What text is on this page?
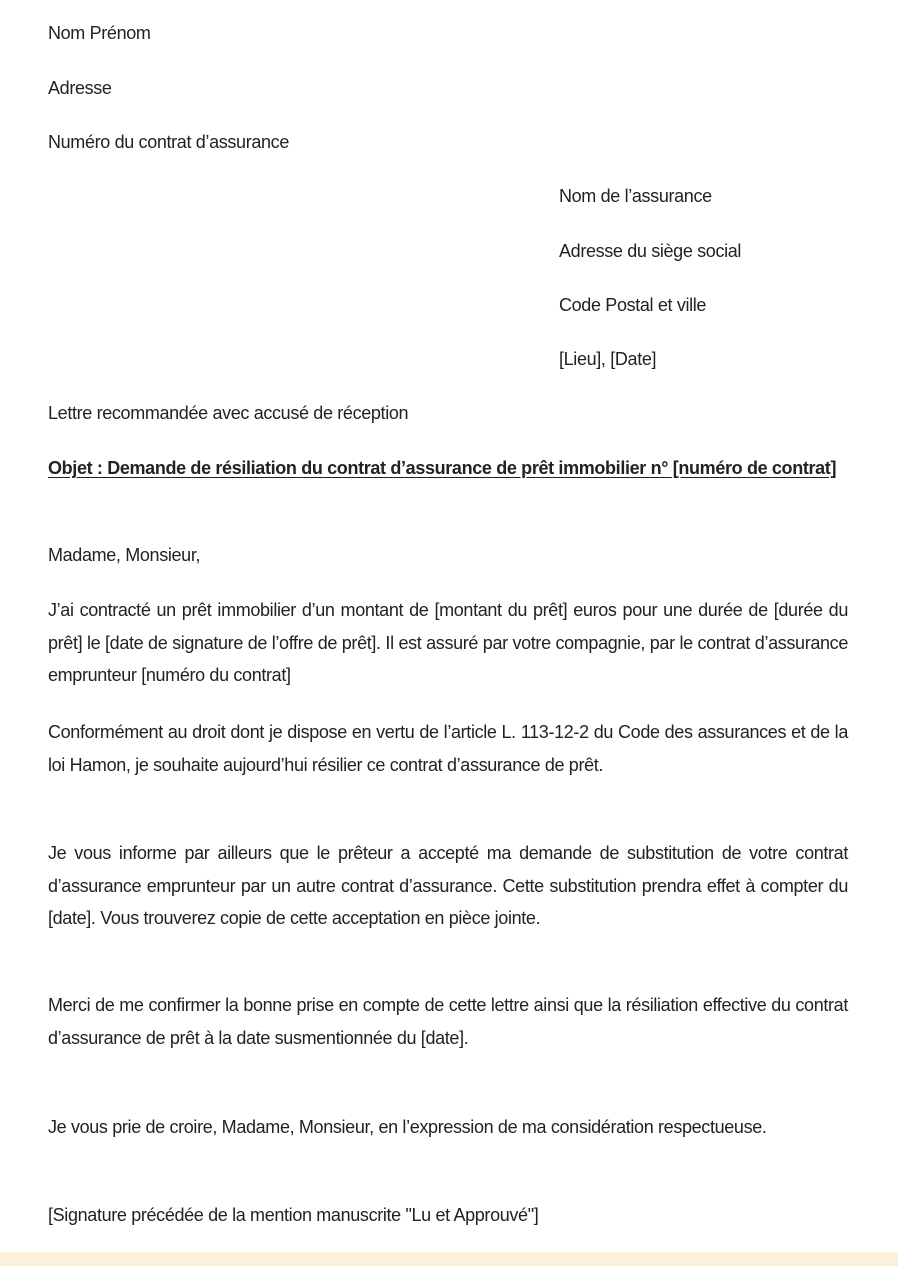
Nom Prénom

Adresse

Numéro du contrat d’assurance

Nom de l’assurance

Adresse du siège social

Code Postal et ville

[Lieu], [Date]

Lettre recommandée avec accusé de réception

Objet : Demande de résiliation du contrat d’assurance de prêt immobilier n° [numéro de contrat]

Madame, Monsieur,

J’ai contracté un prêt immobilier d’un montant de [montant du prêt] euros pour une durée de [durée du prêt] le [date de signature de l’offre de prêt]. Il est assuré par votre compagnie, par le contrat d’assurance emprunteur [numéro du contrat]

Conformément au droit dont je dispose en vertu de l’article L. 113-12-2 du Code des assurances et de la loi Hamon, je souhaite aujourd’hui résilier ce contrat d’assurance de prêt.

Je vous informe par ailleurs que le prêteur a accepté ma demande de substitution de votre contrat d’assurance emprunteur par un autre contrat d’assurance. Cette substitution prendra effet à compter du [date]. Vous trouverez copie de cette acceptation en pièce jointe.

Merci de me confirmer la bonne prise en compte de cette lettre ainsi que la résiliation effective du contrat d’assurance de prêt à la date susmentionnée du [date].

Je vous prie de croire, Madame, Monsieur, en l’expression de ma considération respectueuse.

[Signature précédée de la mention manuscrite "Lu et Approuvé"]
